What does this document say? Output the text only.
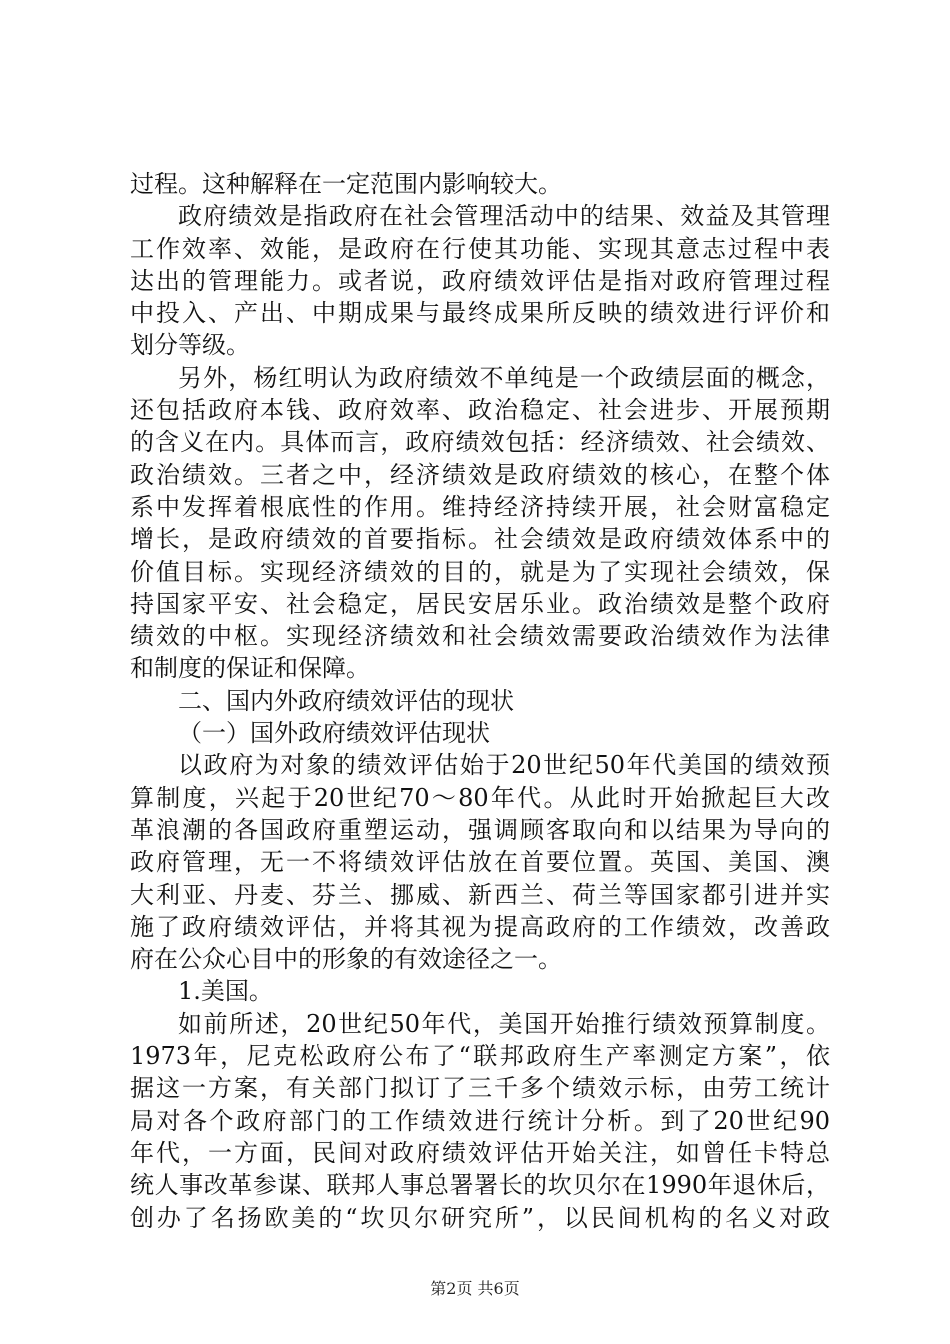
过程。这种解释在一定范围内影响较大。
政府绩效是指政府在社会管理活动中的结果、效益及其管理
工作效率、效能，是政府在行使其功能、实现其意志过程中表
达出的管理能力。或者说，政府绩效评估是指对政府管理过程
中投入、产出、中期成果与最终成果所反映的绩效进行评价和
划分等级。
另外，杨红明认为政府绩效不单纯是一个政绩层面的概念，
还包括政府本钱、政府效率、政治稳定、社会进步、开展预期
的含义在内。具体而言，政府绩效包括：经济绩效、社会绩效、
政治绩效。三者之中，经济绩效是政府绩效的核心，在整个体
系中发挥着根底性的作用。维持经济持续开展，社会财富稳定
增长，是政府绩效的首要指标。社会绩效是政府绩效体系中的
价值目标。实现经济绩效的目的，就是为了实现社会绩效，保
持国家平安、社会稳定，居民安居乐业。政治绩效是整个政府
绩效的中枢。实现经济绩效和社会绩效需要政治绩效作为法律
和制度的保证和保障。
二、国内外政府绩效评估的现状
（一）国外政府绩效评估现状
以政府为对象的绩效评估始于20世纪50年代美国的绩效预
算制度，兴起于20世纪70～80年代。从此时开始掀起巨大改
革浪潮的各国政府重塑运动，强调顾客取向和以结果为导向的
政府管理，无一不将绩效评估放在首要位置。英国、美国、澳
大利亚、丹麦、芬兰、挪威、新西兰、荷兰等国家都引进并实
施了政府绩效评估，并将其视为提高政府的工作绩效，改善政
府在公众心目中的形象的有效途径之一。
1.美国。
如前所述，20世纪50年代，美国开始推行绩效预算制度。
1973年，尼克松政府公布了“联邦政府生产率测定方案”，依
据这一方案，有关部门拟订了三千多个绩效示标，由劳工统计
局对各个政府部门的工作绩效进行统计分析。到了20世纪90
年代，一方面，民间对政府绩效评估开始关注，如曾任卡特总
统人事改革参谋、联邦人事总署署长的坎贝尔在1990年退休后，
创办了名扬欧美的“坎贝尔研究所”，以民间机构的名义对政
第2页 共6页
